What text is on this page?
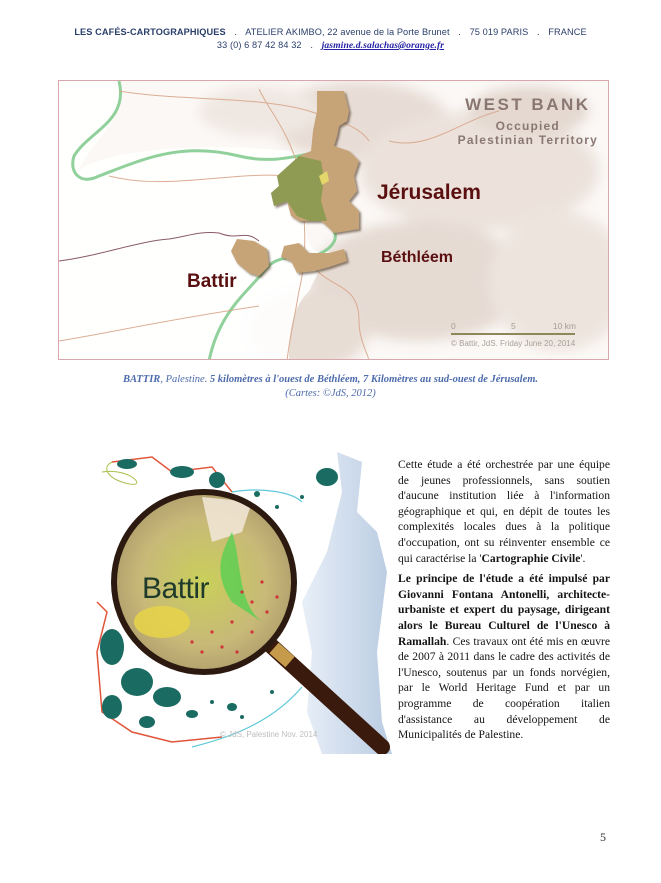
LES CAFÉS-CARTOGRAPHIQUES . ATELIER AKIMBO, 22 avenue de la Porte Brunet . 75 019 PARIS . FRANCE
33 (0) 6 87 42 84 32 . jasmine.d.salachas@orange.fr
WEST BANK
Occupied
Palestinian Territory
Jérusalem
Béthléem
Battir
0	5	10 km
© Battir, JdS. Friday June 20, 2014
BATTIR, Palestine. 5 kilomètres à l'ouest de Béthléem, 7 Kilomètres au sud-ouest de Jérusalem.
(Cartes: ©JdS, 2012)
Battir
© JdS, Palestine Nov. 2014

Cette étude a été orchestrée par une équipe de jeunes professionnels, sans soutien d'aucune institution liée à l'information géographique et qui, en dépit de toutes les complexités locales dues à la politique d'occupation, ont su réinventer ensemble ce qui caractérise la 'Cartographie Civile'.

Le principe de l'étude a été impulsé par Giovanni Fontana Antonelli, architecte-urbaniste et expert du paysage, dirigeant alors le Bureau Culturel de l'Unesco à Ramallah. Ces travaux ont été mis en œuvre de 2007 à 2011 dans le cadre des activités de l'Unesco, soutenus par un fonds norvégien, par le World Heritage Fund et par un programme de coopération italien d'assistance au développement de Municipalités de Palestine.

5
